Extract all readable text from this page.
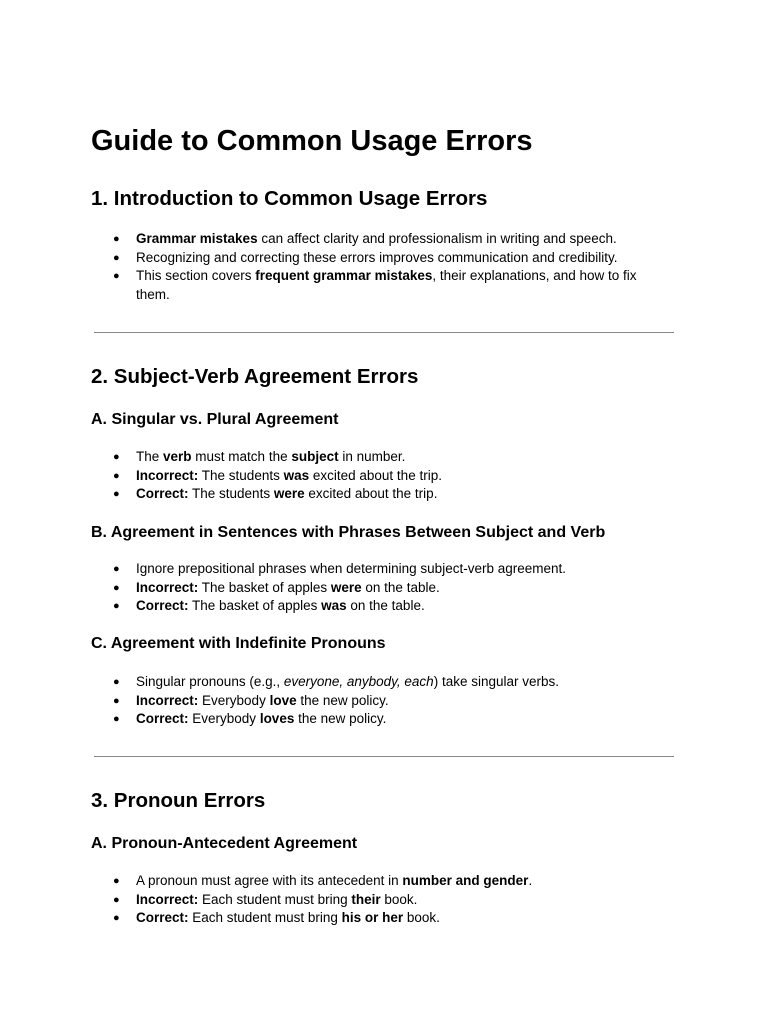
Guide to Common Usage Errors
1. Introduction to Common Usage Errors
● Grammar mistakes can affect clarity and professionalism in writing and speech.
● Recognizing and correcting these errors improves communication and credibility.
● This section covers frequent grammar mistakes, their explanations, and how to fix them.
2. Subject-Verb Agreement Errors
A. Singular vs. Plural Agreement
● The verb must match the subject in number.
● Incorrect: The students was excited about the trip.
● Correct: The students were excited about the trip.
B. Agreement in Sentences with Phrases Between Subject and Verb
● Ignore prepositional phrases when determining subject-verb agreement.
● Incorrect: The basket of apples were on the table.
● Correct: The basket of apples was on the table.
C. Agreement with Indefinite Pronouns
● Singular pronouns (e.g., everyone, anybody, each) take singular verbs.
● Incorrect: Everybody love the new policy.
● Correct: Everybody loves the new policy.
3. Pronoun Errors
A. Pronoun-Antecedent Agreement
● A pronoun must agree with its antecedent in number and gender.
● Incorrect: Each student must bring their book.
● Correct: Each student must bring his or her book.
